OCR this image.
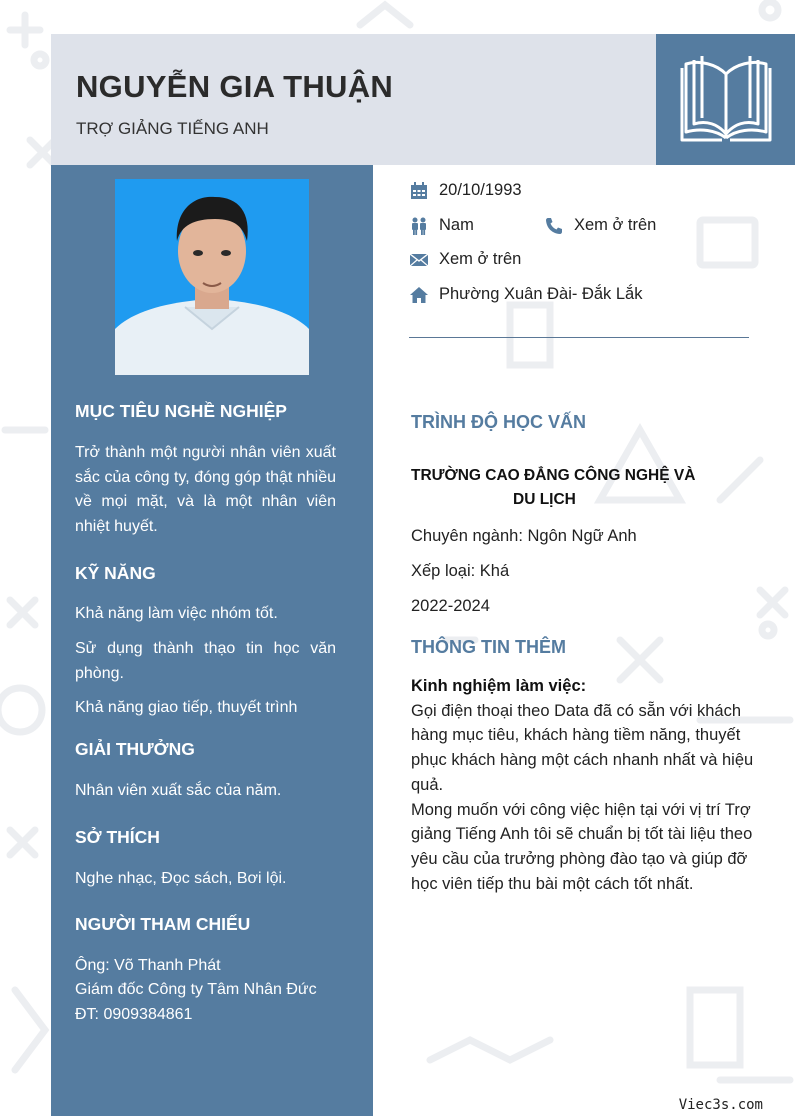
NGUYỄN GIA THUẬN
TRỢ GIẢNG TIẾNG ANH
MỤC TIÊU NGHỀ NGHIỆP
Trở thành một người nhân viên xuất sắc của công ty, đóng góp thật nhiều về mọi mặt, và là một nhân viên nhiệt huyết.
KỸ NĂNG
Khả năng làm việc nhóm tốt.
Sử dụng thành thạo tin học văn phòng.
Khả năng giao tiếp, thuyết trình
GIẢI THƯỞNG
Nhân viên xuất sắc của năm.
SỞ THÍCH
Nghe nhạc, Đọc sách, Bơi lội.
NGƯỜI THAM CHIẾU
Ông: Võ Thanh Phát
Giám đốc Công ty Tâm Nhân Đức
ĐT: 0909384861
20/10/1993
Nam	Xem ở trên
Xem ở trên
Phường Xuân Đài- Đắk Lắk
TRÌNH ĐỘ HỌC VẤN
TRƯỜNG CAO ĐẲNG CÔNG NGHỆ VÀ
DU LỊCH
Chuyên ngành: Ngôn Ngữ Anh
Xếp loại: Khá
2022-2024
THÔNG TIN THÊM
Kinh nghiệm làm việc:
Gọi điện thoại theo Data đã có sẵn với khách hàng mục tiêu, khách hàng tiềm năng, thuyết phục khách hàng một cách nhanh nhất và hiệu quả.
Mong muốn với công việc hiện tại với vị trí Trợ giảng Tiếng Anh tôi sẽ chuẩn bị tốt tài liệu theo yêu cầu của trưởng phòng đào tạo và giúp đỡ học viên tiếp thu bài một cách tốt nhất.
Viec3s.com
